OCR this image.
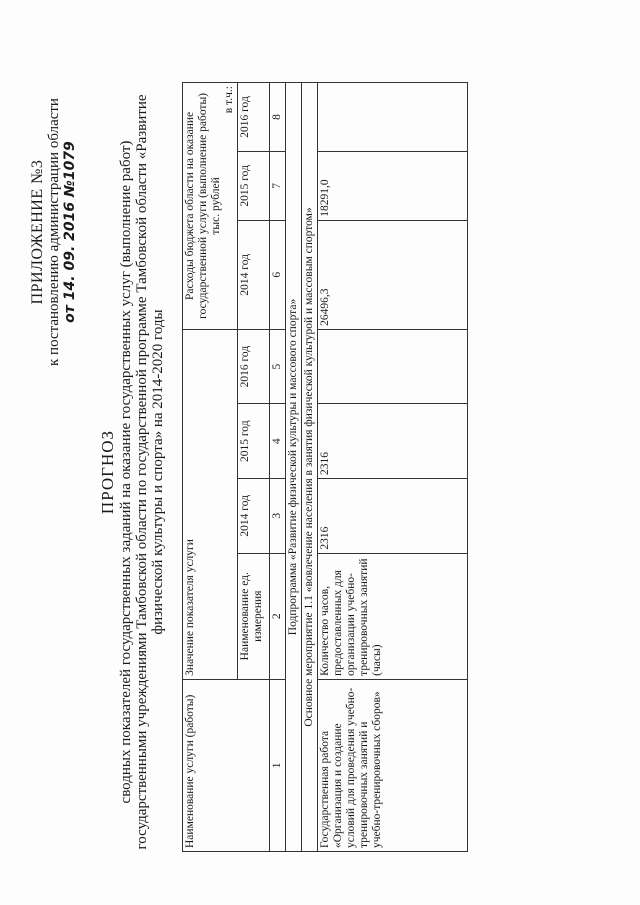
ПРИЛОЖЕНИЕ №3 к постановлению администрации области от 14. 09. 2016 №1079
ПРОГНОЗ сводных показателей государственных заданий на оказание государственных услуг (выполнение работ) государственными учреждениями Тамбовской области по государственной программе Тамбовской области «Развитие физической культуры и спорта» на 2014-2020 годы
Наименование услуги (работы)	Значение показателя услуги				Расходы бюджета области на оказание государственной услуги (выполнение работы) тыс. рублей
в т.ч.:		

	Наименование ед. измерения	2014 год	2015 год	2016 год	2014 год	2015 год	2016 год
1	2	3	4	5	6	7	8
Подпрограмма «Развитие физической культуры и массового спорта»							
Основное мероприятие 1.1 «вовлечение населения в занятия физической культурой и массовым спортом»							
Государственная работа «Организация и создание условий для проведения учебно-тренировочных занятий и учебно-тренировочных сборов»	Количество часов, предоставленных для организации учебно-тренировочных занятий (часы)	2316	2316		26496,3	18291,0	
